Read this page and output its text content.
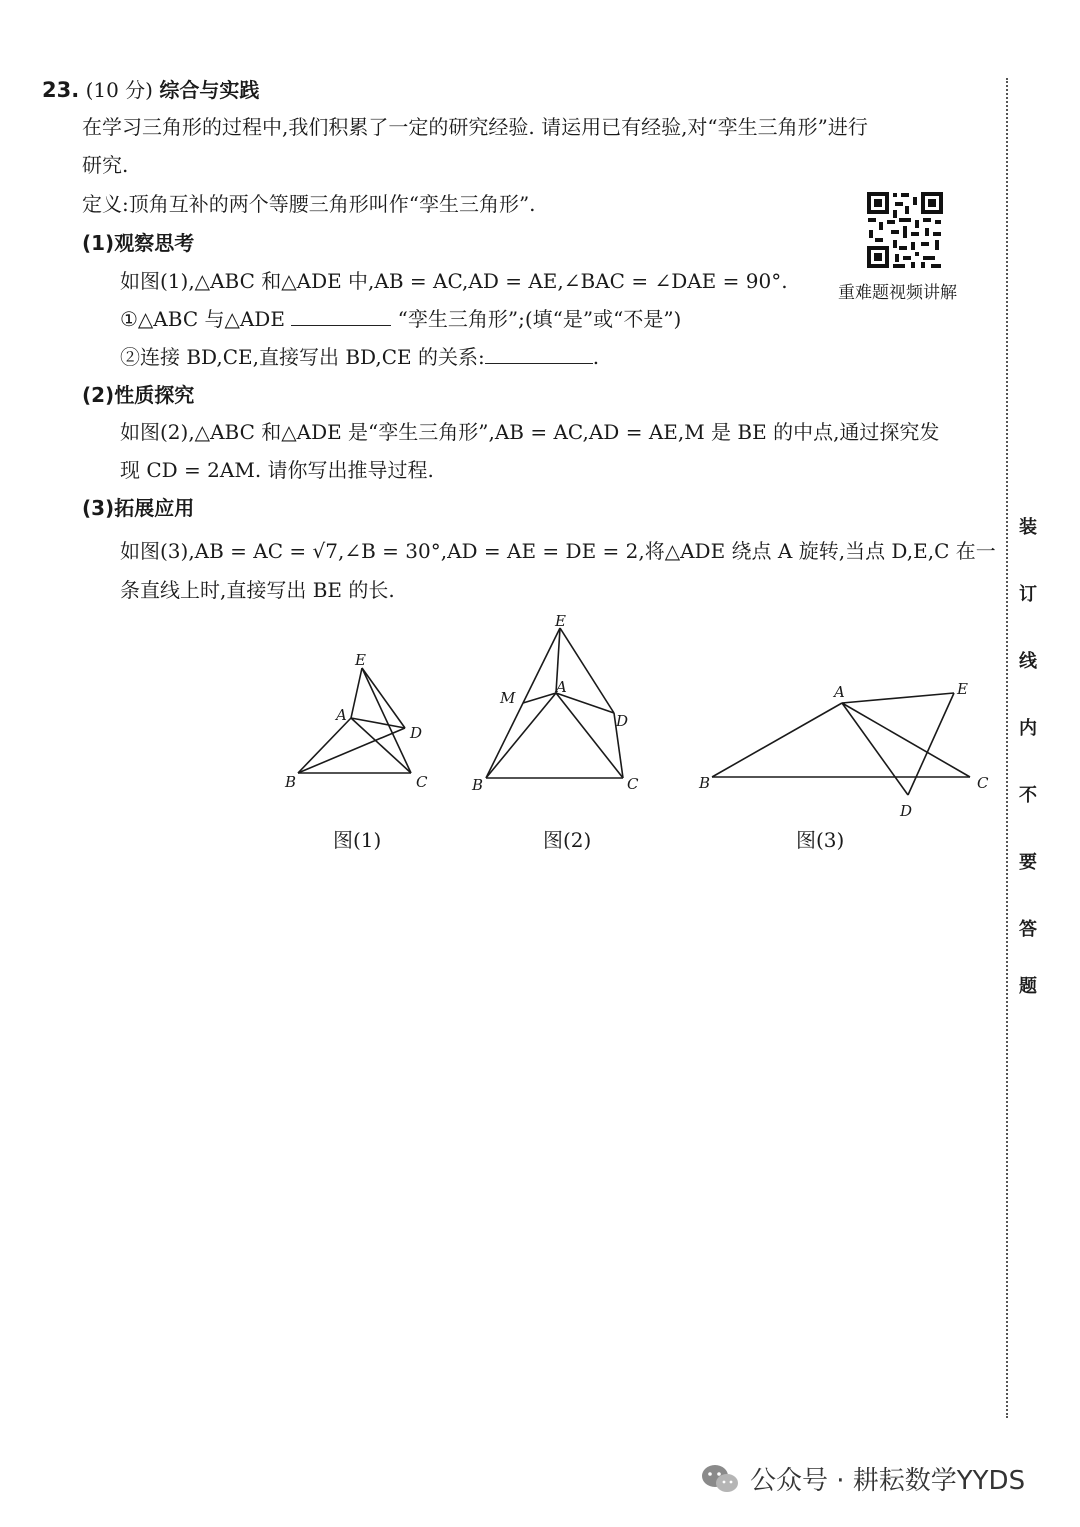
23. (10 分) 综合与实践
在学习三角形的过程中,我们积累了一定的研究经验. 请运用已有经验,对“孪生三角形”进行
研究.
定义:顶角互补的两个等腰三角形叫作“孪生三角形”.
重难题视频讲解
(1)观察思考
如图(1),△ABC 和△ADE 中,AB = AC,AD = AE,∠BAC = ∠DAE = 90°.
①△ABC 与△ADE	“孪生三角形”;(填“是”或“不是”)
②连接 BD,CE,直接写出 BD,CE 的关系:	.
(2)性质探究
如图(2),△ABC 和△ADE 是“孪生三角形”,AB = AC,AD = AE,M 是 BE 的中点,通过探究发
现 CD = 2AM. 请你写出推导过程.
(3)拓展应用
如图(3),AB = AC = √7,∠B = 30°,AD = AE = DE = 2,将△ADE 绕点 A 旋转,当点 D,E,C 在一
条直线上时,直接写出 BE 的长.
E
A
D
B	C
E
M
A
D
B	C
A	E
B	C
D
图(1)	图(2)	图(3)
装
订
线
内
不
要
答
题
公众号 · 耕耘数学YYDS
